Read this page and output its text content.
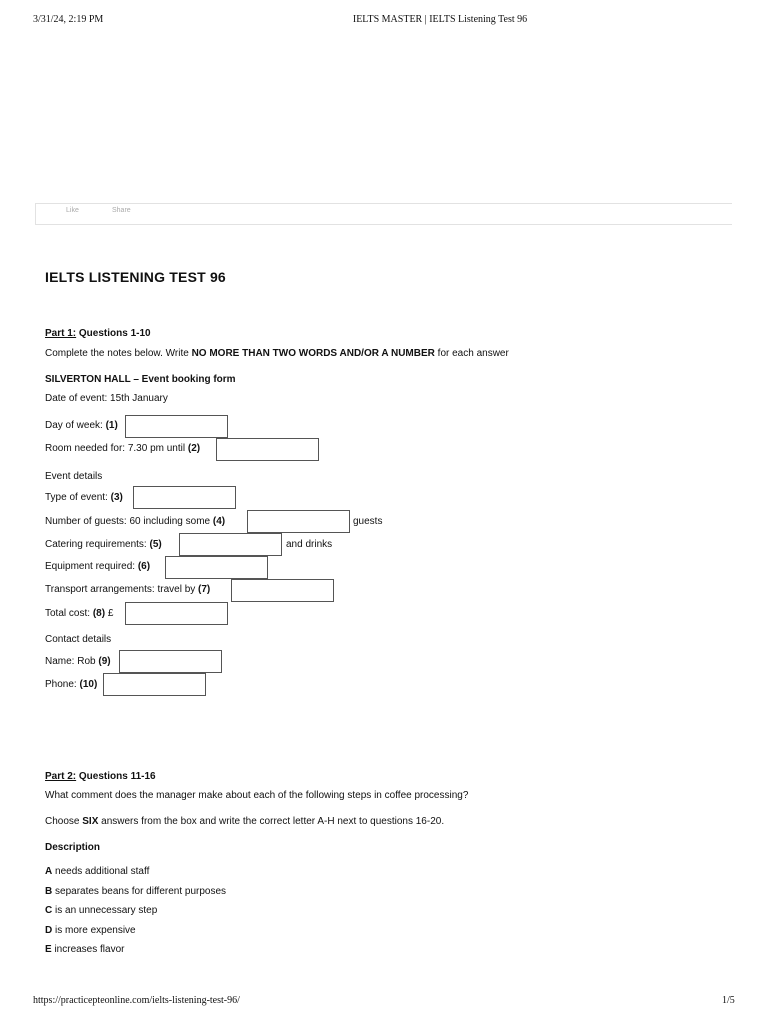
3/31/24, 2:19 PM	IELTS MASTER | IELTS Listening Test 96
Like	Share
IELTS LISTENING TEST 96
Part 1: Questions 1-10
Complete the notes below. Write NO MORE THAN TWO WORDS AND/OR A NUMBER for each answer
SILVERTON HALL – Event booking form
Date of event: 15th January
Day of week: (1)
Room needed for: 7.30 pm until (2)
Event details
Type of event: (3)
Number of guests: 60 including some (4)	guests
Catering requirements: (5)	and drinks
Equipment required: (6)
Transport arrangements: travel by (7)
Total cost: (8) £
Contact details
Name: Rob (9)
Phone: (10)
Part 2: Questions 11-16
What comment does the manager make about each of the following steps in coffee processing?
Choose SIX answers from the box and write the correct letter A-H next to questions 16-20.
Description
A needs additional staff
B separates beans for different purposes
C is an unnecessary step
D is more expensive
E increases flavor
https://practicepteonline.com/ielts-listening-test-96/	1/5
